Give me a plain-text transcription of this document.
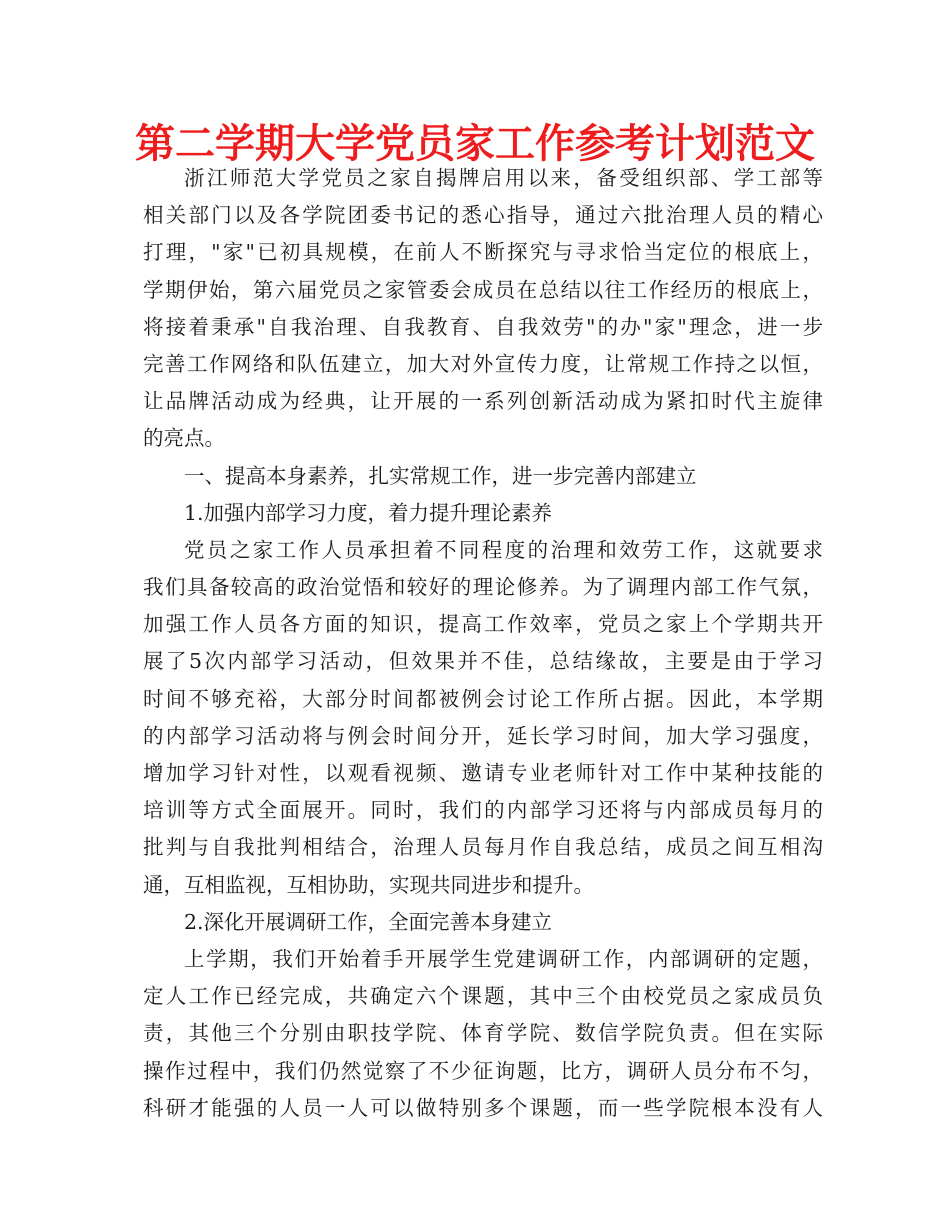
第二学期大学党员家工作参考计划范文
浙江师范大学党员之家自揭牌启用以来，备受组织部、学工部等
相关部门以及各学院团委书记的悉心指导，通过六批治理人员的精心
打理，"家"已初具规模，在前人不断探究与寻求恰当定位的根底上，
学期伊始，第六届党员之家管委会成员在总结以往工作经历的根底上，
将接着秉承"自我治理、自我教育、自我效劳"的办"家"理念，进一步
完善工作网络和队伍建立，加大对外宣传力度，让常规工作持之以恒，
让品牌活动成为经典，让开展的一系列创新活动成为紧扣时代主旋律
的亮点。
一、提高本身素养，扎实常规工作，进一步完善内部建立
1.加强内部学习力度，着力提升理论素养
党员之家工作人员承担着不同程度的治理和效劳工作，这就要求
我们具备较高的政治觉悟和较好的理论修养。为了调理内部工作气氛，
加强工作人员各方面的知识，提高工作效率，党员之家上个学期共开
展了5次内部学习活动，但效果并不佳，总结缘故，主要是由于学习
时间不够充裕，大部分时间都被例会讨论工作所占据。因此，本学期
的内部学习活动将与例会时间分开，延长学习时间，加大学习强度，
增加学习针对性，以观看视频、邀请专业老师针对工作中某种技能的
培训等方式全面展开。同时，我们的内部学习还将与内部成员每月的
批判与自我批判相结合，治理人员每月作自我总结，成员之间互相沟
通，互相监视，互相协助，实现共同进步和提升。
2.深化开展调研工作，全面完善本身建立
上学期，我们开始着手开展学生党建调研工作，内部调研的定题，
定人工作已经完成，共确定六个课题，其中三个由校党员之家成员负
责，其他三个分别由职技学院、体育学院、数信学院负责。但在实际
操作过程中，我们仍然觉察了不少征询题，比方，调研人员分布不匀，
科研才能强的人员一人可以做特别多个课题，而一些学院根本没有人
